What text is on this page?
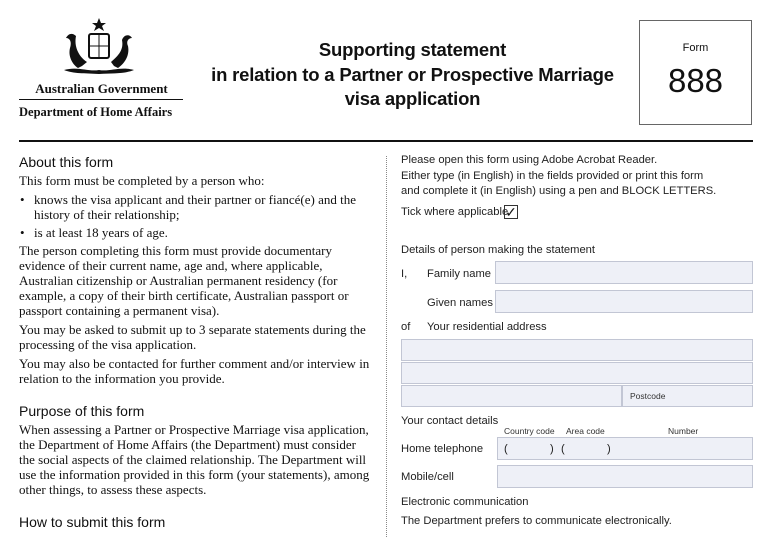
Australian Government
Department of Home Affairs
Supporting statement
in relation to a Partner or Prospective Marriage
visa application
Form
888
About this form

This form must be completed by a person who:

• knows the visa applicant and their partner or fiancé(e) and the history of their relationship;

• is at least 18 years of age.

The person completing this form must provide documentary evidence of their current name, age and, where applicable, Australian citizenship or Australian permanent residency (for example, a copy of their birth certificate, Australian passport or passport containing a permanent visa).

You may be asked to submit up to 3 separate statements during the processing of the visa application.

You may also be contacted for further comment and/or interview in relation to the information you provide.

Purpose of this form

When assessing a Partner or Prospective Marriage visa application, the Department of Home Affairs (the Department) must consider the social aspects of the claimed relationship. The Department will use the information provided in this form (your statements), among other things, to assess these aspects.

How to submit this form
Please open this form using Adobe Acrobat Reader.
Either type (in English) in the fields provided or print this form
and complete it (in English) using a pen and BLOCK LETTERS.
Tick where applicable
✓
Details of person making the statement
I, Family name
Given names
of Your residential address
Postcode
Your contact details
Country code Area code	Number
Home telephone (	) (	)
Mobile/cell
Electronic communication
The Department prefers to communicate electronically.
